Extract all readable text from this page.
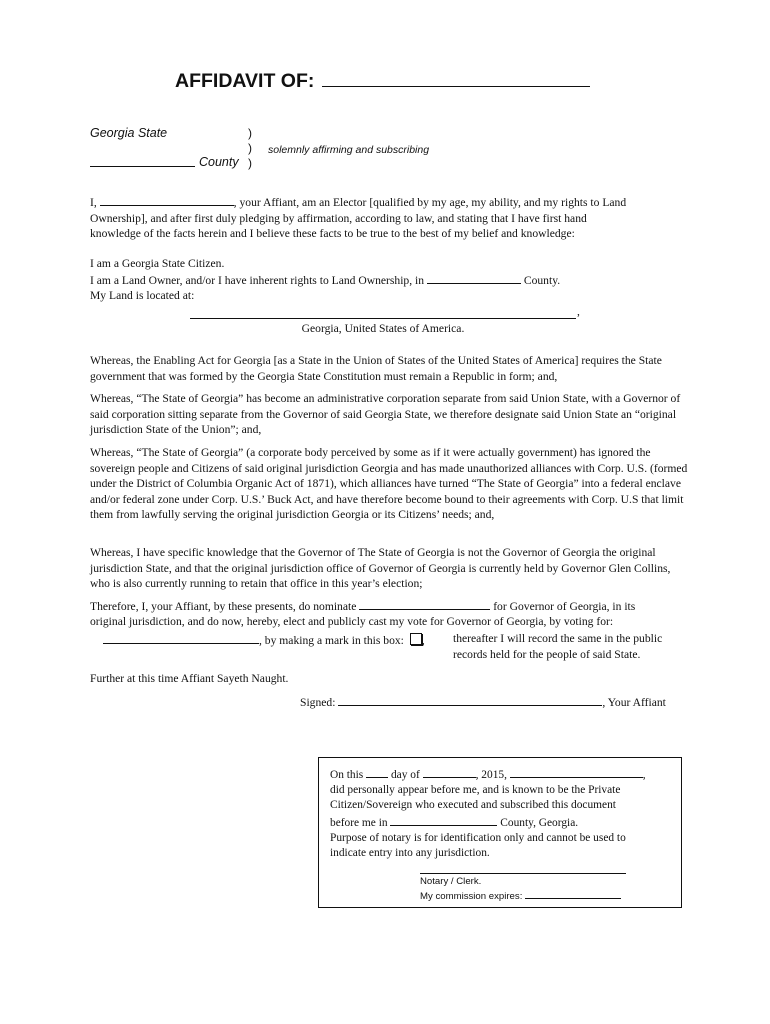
AFFIDAVIT OF:
Georgia State	)
)
)
solemnly affirming and subscribing
County

I,	, your Affiant, am an Elector [qualified by my age, my ability, and my rights to Land

Ownership], and after first duly pledging by affirmation, according to law, and stating that I have first hand

knowledge of the facts herein and I believe these facts to be true to the best of my belief and knowledge:

I am a Georgia State Citizen.

I am a Land Owner, and/or I have inherent rights to Land Ownership, in	County.

My Land is located at:

,
Georgia, United States of America.
Whereas, the Enabling Act for Georgia [as a State in the Union of States of the United States of America] requires the State government that was formed by the Georgia State Constitution must remain a Republic in form; and,
Whereas, “The State of Georgia” has become an administrative corporation separate from said Union State, with a Governor of said corporation sitting separate from the Governor of said Georgia State, we therefore designate said Union State an “original jurisdiction State of the Union”; and,
Whereas, “The State of Georgia” (a corporate body perceived by some as if it were actually government) has ignored the sovereign people and Citizens of said original jurisdiction Georgia and has made unauthorized alliances with Corp. U.S. (formed under the District of Columbia Organic Act of 1871), which alliances have turned “The State of Georgia” into a federal enclave and/or federal zone under Corp. U.S.’ Buck Act, and have therefore become bound to their agreements with Corp. U.S that limit them from lawfully serving the original jurisdiction Georgia or its Citizens’ needs; and,
Whereas, I have specific knowledge that the Governor of The State of Georgia is not the Governor of Georgia the original jurisdiction State, and that the original jurisdiction office of Governor of Georgia is currently held by Governor Glen Collins, who is also currently running to retain that office in this year’s election;
Therefore, I, your Affiant, by these presents, do nominate	for Governor of Georgia, in its
original jurisdiction, and do now, hereby, elect and publicly cast my vote for Governor of Georgia, by voting for:
, by making a mark in this box: , thereafter I will record the same in the public
records held for the people of said State.
Further at this time Affiant Sayeth Naught.
Signed:	, Your Affiant

On this day of	, 2015,	,

did personally appear before me, and is known to be the Private

Citizen/Sovereign who executed and subscribed this document

before me in	County, Georgia.

Purpose of notary is for identification only and cannot be used to

indicate entry into any jurisdiction.

Notary / Clerk.
My commission expires:
